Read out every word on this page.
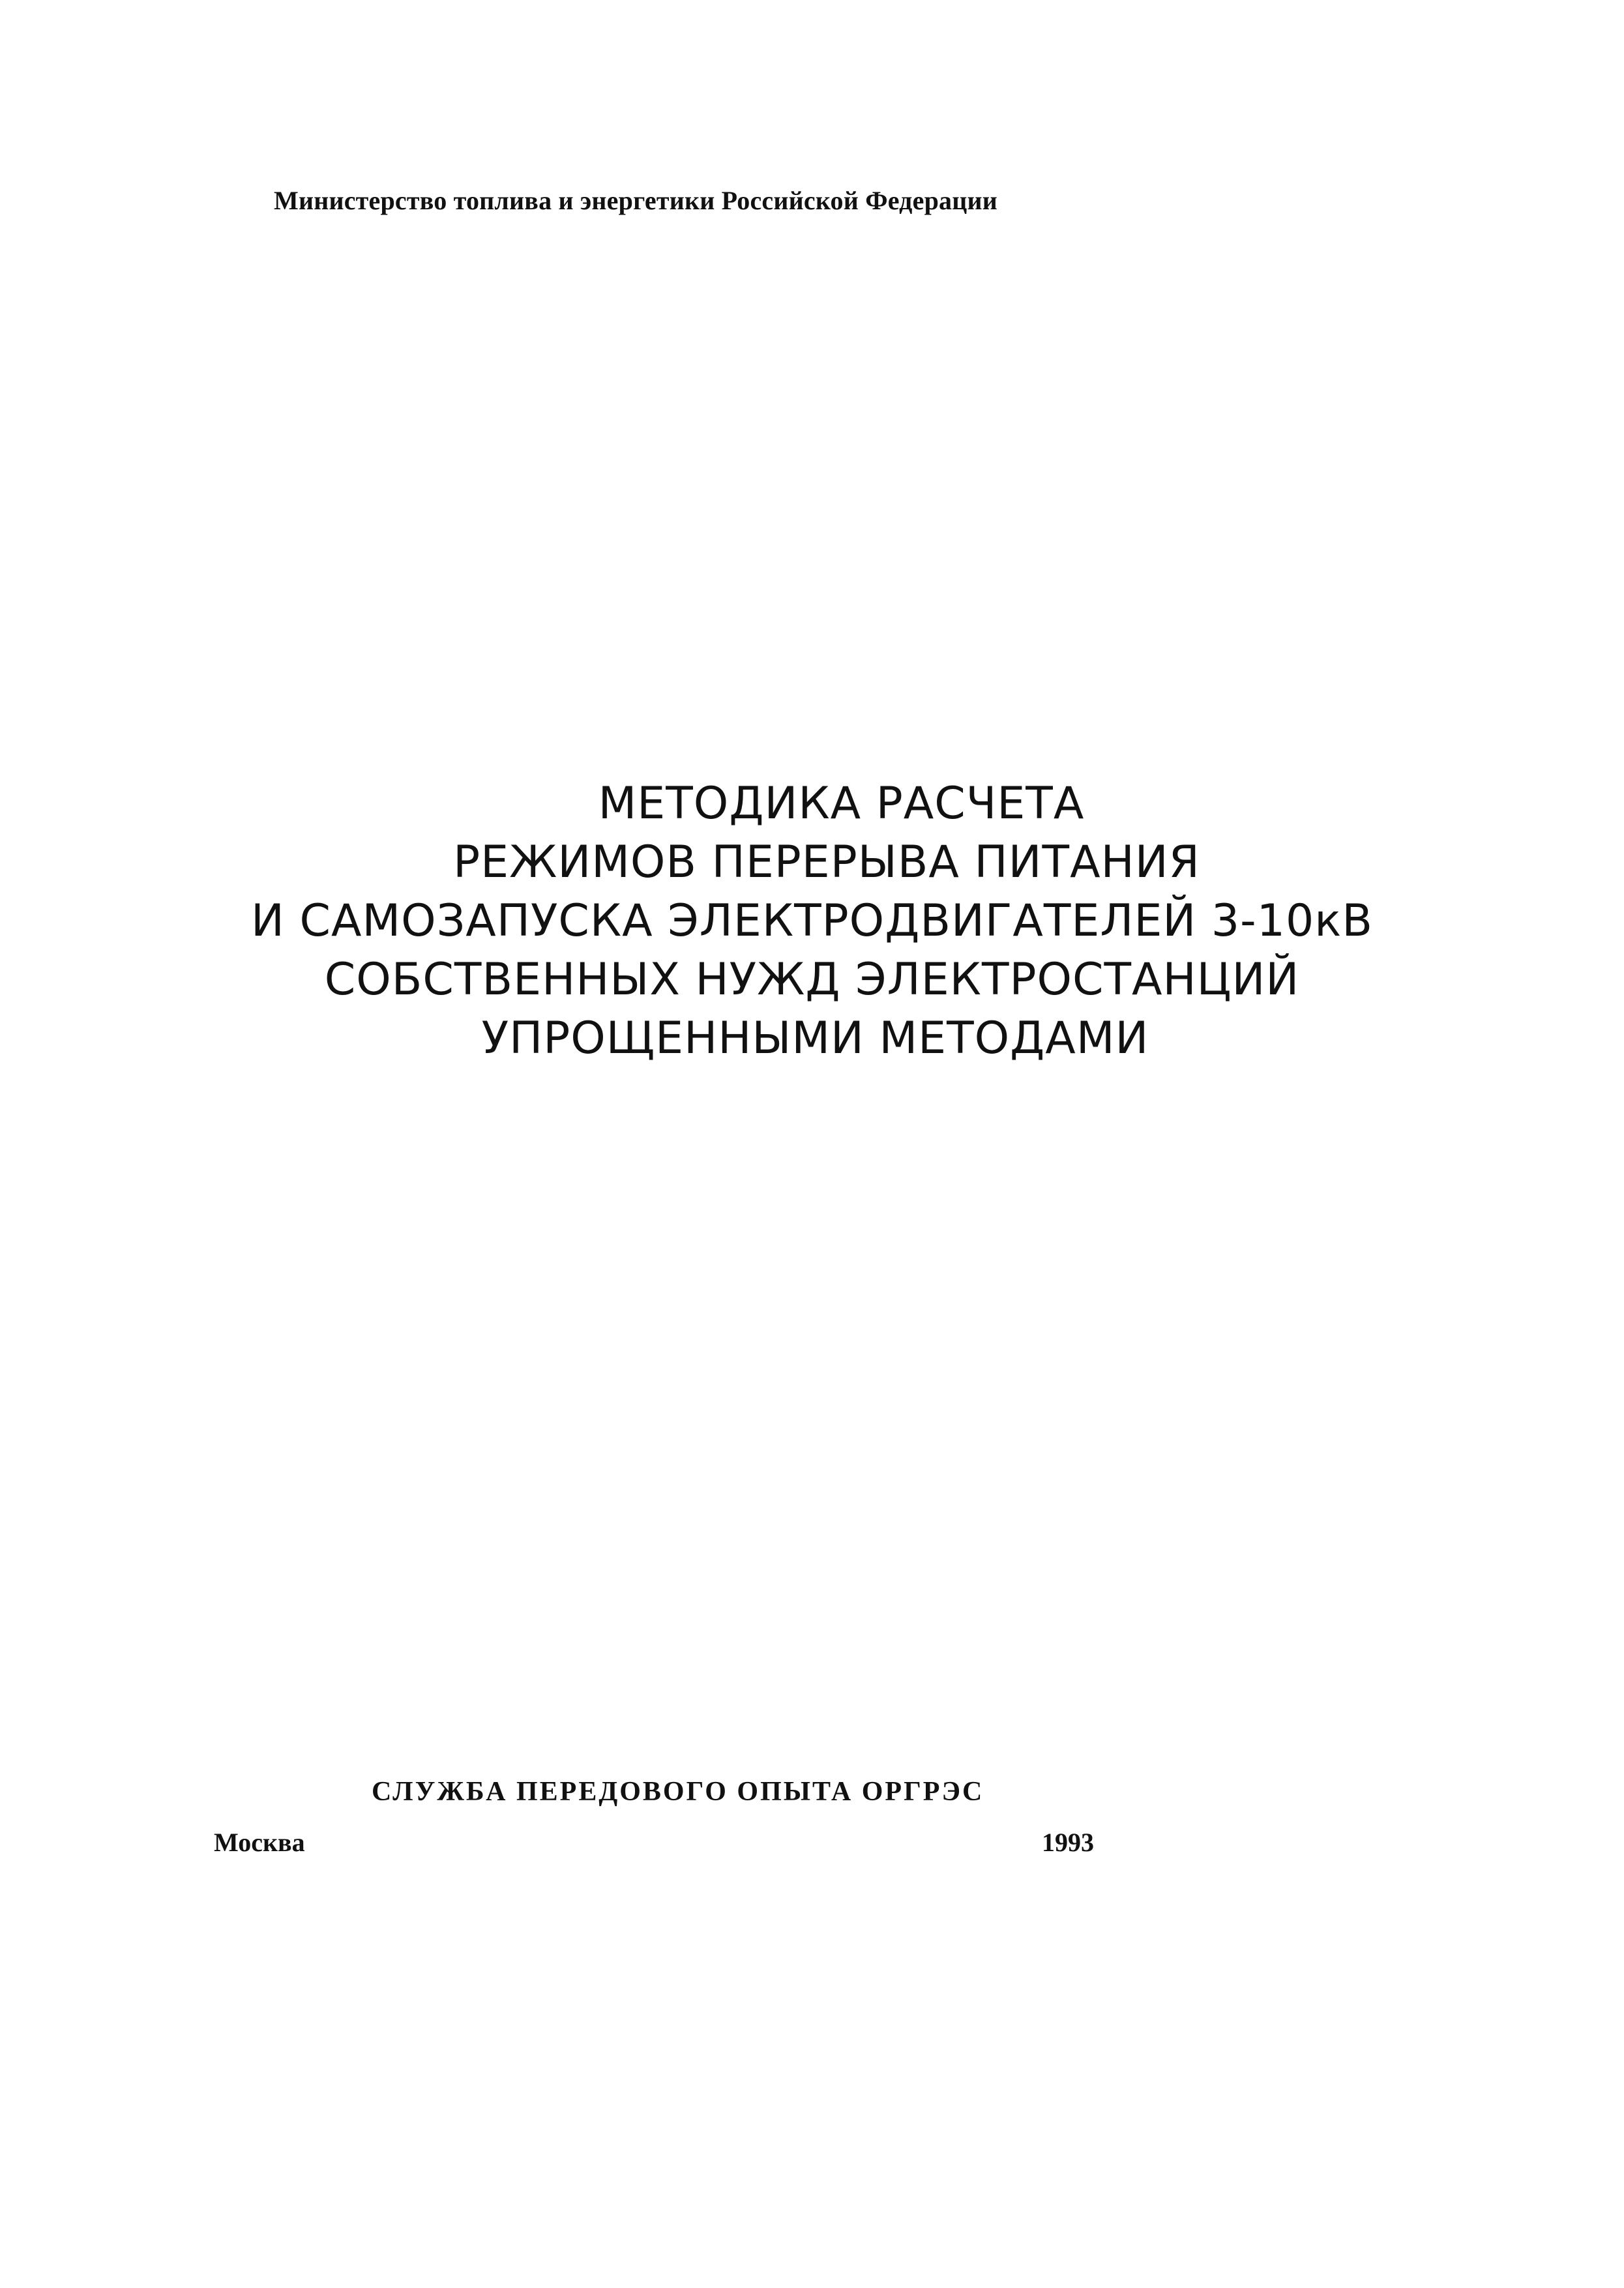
Министерство топлива и энергетики Российской Федерации
МЕТОДИКА РАСЧЕТА
РЕЖИМОВ ПЕРЕРЫВА ПИТАНИЯ
И САМОЗАПУСКА ЭЛЕКТРОДВИГАТЕЛЕЙ 3-10кВ
СОБСТВЕННЫХ НУЖД ЭЛЕКТРОСТАНЦИЙ
УПРОЩЕННЫМИ МЕТОДАМИ
СЛУЖБА ПЕРЕДОВОГО ОПЫТА ОРГРЭС
Москва	1993
